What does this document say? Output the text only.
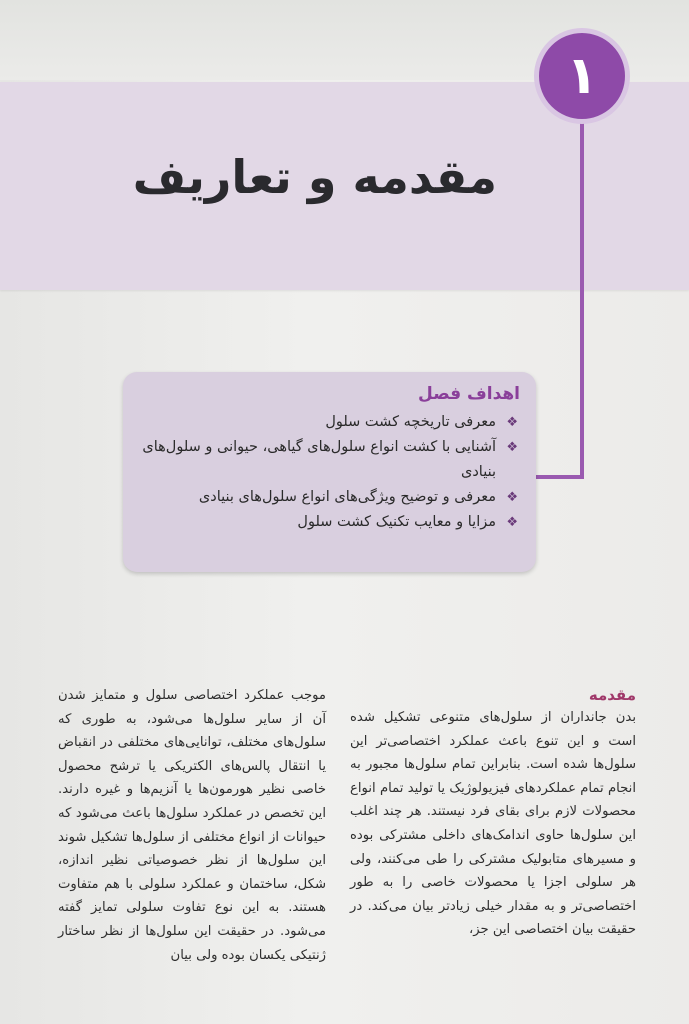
۱
مقدمه و تعاریف
اهداف فصل
❖
معرفی تاریخچه کشت سلول
❖
آشنایی با کشت انواع سلول‌های گیاهی، حیوانی و سلول‌های بنیادی
❖
معرفی و توضیح ویژگی‌های انواع سلول‌های بنیادی
❖
مزایا و معایب تکنیک کشت سلول
مقدمه
بدن جانداران از سلول‌های متنوعی تشکیل شده است و این تنوع باعث عملکرد اختصاصی‌تر این سلول‌ها شده است. بنابراین تمام سلول‌ها مجبور به انجام تمام عملکردهای فیزیولوژیک یا تولید تمام انواع محصولات لازم برای بقای فرد نیستند. هر چند اغلب این سلول‌ها حاوی اندامک‌های داخلی مشترکی بوده و مسیرهای متابولیک مشترکی را طی می‌کنند، ولی هر سلولی اجزا یا محصولات خاصی را به طور اختصاصی‌تر و به مقدار خیلی زیادتر بیان می‌کند. در حقیقت بیان اختصاصی این جز،
موجب عملکرد اختصاصی سلول و متمایز شدن آن از سایر سلول‌ها می‌شود، به طوری که سلول‌های مختلف، توانایی‌های مختلفی در انقباض یا انتقال پالس‌های الکتریکی یا ترشح محصول خاصی نظیر هورمون‌ها یا آنزیم‌ها و غیره دارند. این تخصص در عملکرد سلول‌ها باعث می‌شود که حیوانات از انواع مختلفی از سلول‌ها تشکیل شوند این سلول‌ها از نظر خصوصیاتی نظیر اندازه، شکل، ساختمان و عملکرد سلولی با هم متفاوت هستند. به این نوع تفاوت سلولی تمایز گفته می‌شود. در حقیقت این سلول‌ها از نظر ساختار ژنتیکی یکسان بوده ولی بیان
